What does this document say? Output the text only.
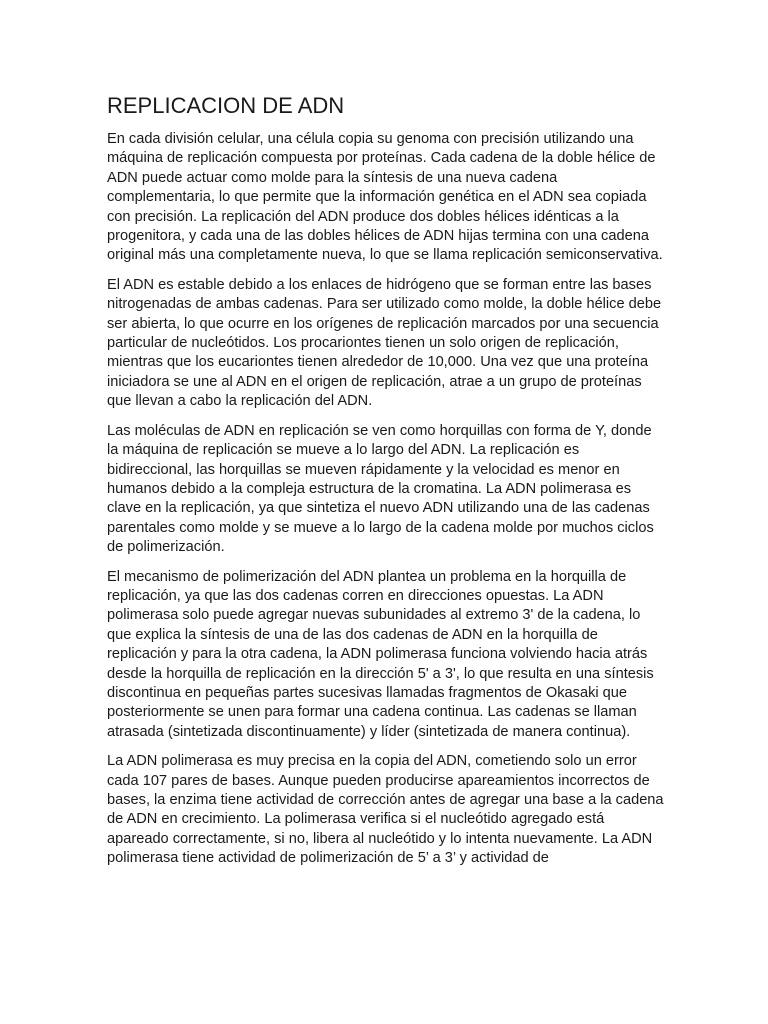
REPLICACION DE ADN

En cada división celular, una célula copia su genoma con precisión utilizando una máquina de replicación compuesta por proteínas. Cada cadena de la doble hélice de ADN puede actuar como molde para la síntesis de una nueva cadena complementaria, lo que permite que la información genética en el ADN sea copiada con precisión. La replicación del ADN produce dos dobles hélices idénticas a la progenitora, y cada una de las dobles hélices de ADN hijas termina con una cadena original más una completamente nueva, lo que se llama replicación semiconservativa.

El ADN es estable debido a los enlaces de hidrógeno que se forman entre las bases nitrogenadas de ambas cadenas. Para ser utilizado como molde, la doble hélice debe ser abierta, lo que ocurre en los orígenes de replicación marcados por una secuencia particular de nucleótidos. Los procariontes tienen un solo origen de replicación, mientras que los eucariontes tienen alrededor de 10,000. Una vez que una proteína iniciadora se une al ADN en el origen de replicación, atrae a un grupo de proteínas que llevan a cabo la replicación del ADN.

Las moléculas de ADN en replicación se ven como horquillas con forma de Y, donde la máquina de replicación se mueve a lo largo del ADN. La replicación es bidireccional, las horquillas se mueven rápidamente y la velocidad es menor en humanos debido a la compleja estructura de la cromatina. La ADN polimerasa es clave en la replicación, ya que sintetiza el nuevo ADN utilizando una de las cadenas parentales como molde y se mueve a lo largo de la cadena molde por muchos ciclos de polimerización.

El mecanismo de polimerización del ADN plantea un problema en la horquilla de replicación, ya que las dos cadenas corren en direcciones opuestas. La ADN polimerasa solo puede agregar nuevas subunidades al extremo 3' de la cadena, lo que explica la síntesis de una de las dos cadenas de ADN en la horquilla de replicación y para la otra cadena, la ADN polimerasa funciona volviendo hacia atrás desde la horquilla de replicación en la dirección 5' a 3', lo que resulta en una síntesis discontinua en pequeñas partes sucesivas llamadas fragmentos de Okasaki que posteriormente se unen para formar una cadena continua. Las cadenas se llaman atrasada (sintetizada discontinuamente) y líder (sintetizada de manera continua).

La ADN polimerasa es muy precisa en la copia del ADN, cometiendo solo un error cada 107 pares de bases. Aunque pueden producirse apareamientos incorrectos de bases, la enzima tiene actividad de corrección antes de agregar una base a la cadena de ADN en crecimiento. La polimerasa verifica si el nucleótido agregado está apareado correctamente, si no, libera al nucleótido y lo intenta nuevamente. La ADN polimerasa tiene actividad de polimerización de 5’ a 3’ y actividad de
